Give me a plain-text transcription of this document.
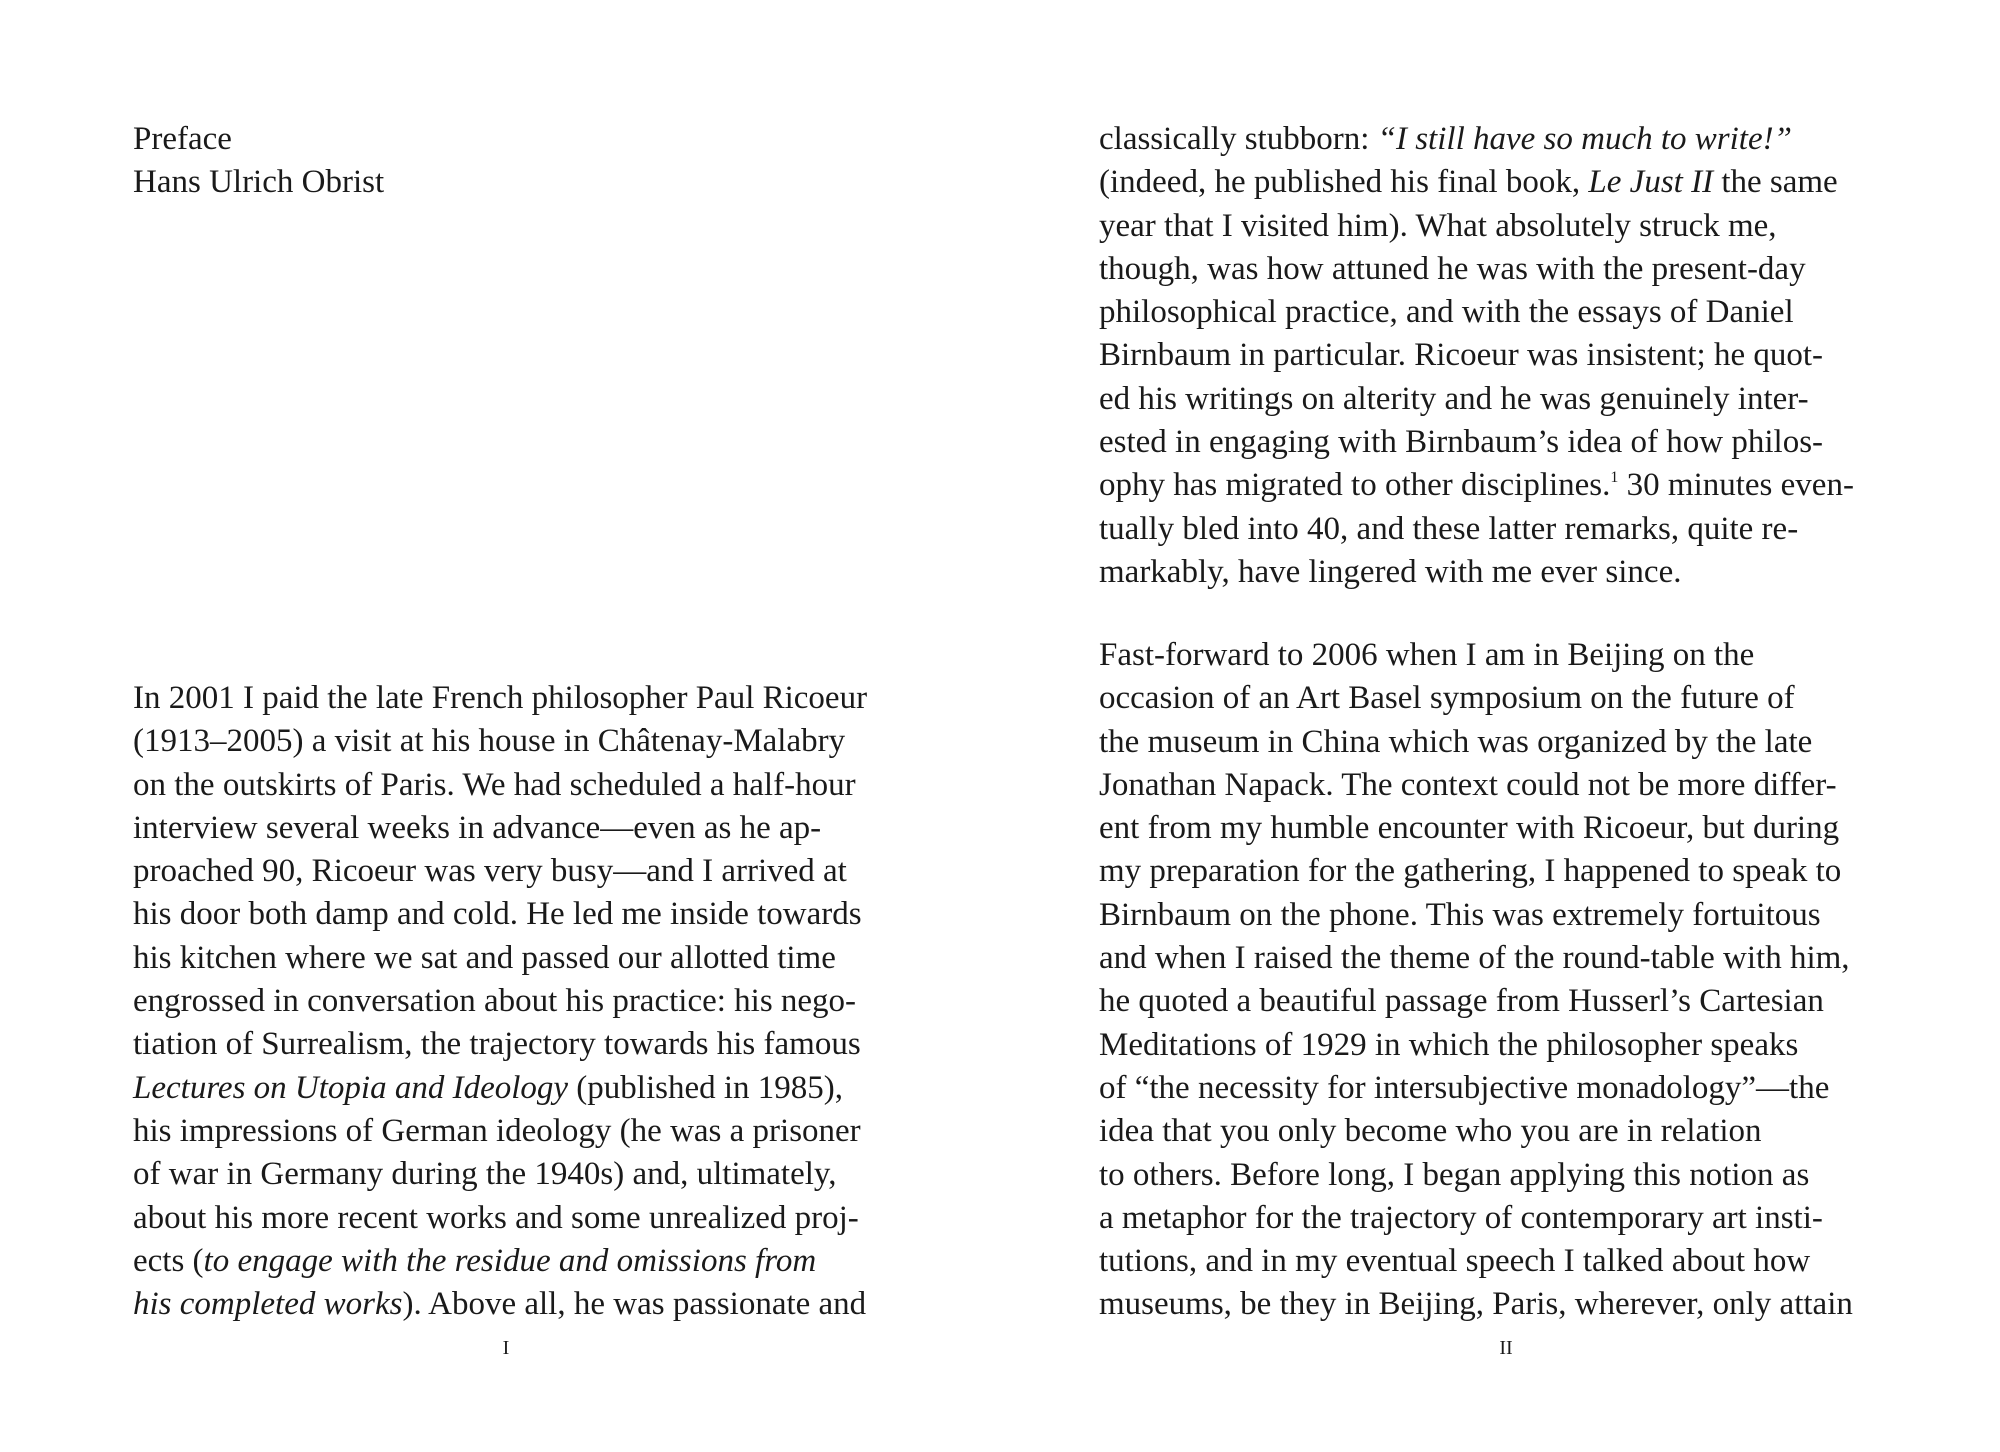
Preface
Hans Ulrich Obrist
In 2001 I paid the late French philosopher Paul Ricoeur
(1913–2005) a visit at his house in Châtenay-Malabry
on the outskirts of Paris. We had scheduled a half-hour
interview several weeks in advance—even as he ap-
proached 90, Ricoeur was very busy—and I arrived at
his door both damp and cold. He led me inside towards
his kitchen where we sat and passed our allotted time
engrossed in conversation about his practice: his nego-
tiation of Surrealism, the trajectory towards his famous
Lectures on Utopia and Ideology (published in 1985),
his impressions of German ideology (he was a prisoner
of war in Germany during the 1940s) and, ultimately,
about his more recent works and some unrealized proj-
ects (to engage with the residue and omissions from
his completed works). Above all, he was passionate and
I
classically stubborn: “I still have so much to write!”
(indeed, he published his final book, Le Just II the same
year that I visited him). What absolutely struck me,
though, was how attuned he was with the present-day
philosophical practice, and with the essays of Daniel
Birnbaum in particular. Ricoeur was insistent; he quot-
ed his writings on alterity and he was genuinely inter-
ested in engaging with Birnbaum’s idea of how philos-
ophy has migrated to other disciplines.$^1$ 30 minutes even-
tually bled into 40, and these latter remarks, quite re-
markably, have lingered with me ever since.
Fast-forward to 2006 when I am in Beijing on the
occasion of an Art Basel symposium on the future of
the museum in China which was organized by the late
Jonathan Napack. The context could not be more differ-
ent from my humble encounter with Ricoeur, but during
my preparation for the gathering, I happened to speak to
Birnbaum on the phone. This was extremely fortuitous
and when I raised the theme of the round-table with him,
he quoted a beautiful passage from Husserl’s Cartesian
Meditations of 1929 in which the philosopher speaks
of “the necessity for intersubjective monadology”—the
idea that you only become who you are in relation
to others. Before long, I began applying this notion as
a metaphor for the trajectory of contemporary art insti-
tutions, and in my eventual speech I talked about how
museums, be they in Beijing, Paris, wherever, only attain
II
